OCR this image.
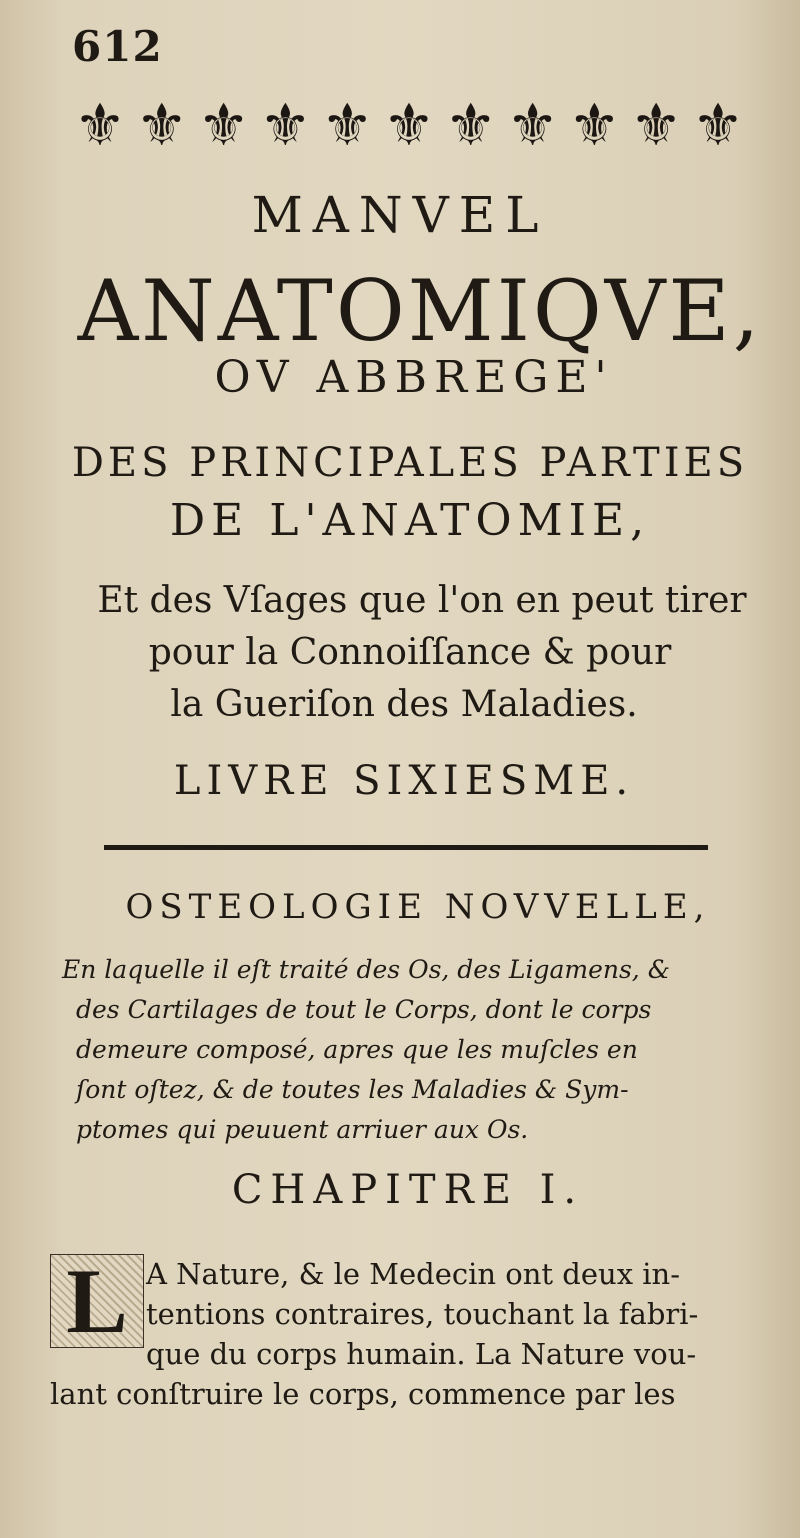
612
⚜ ⚜ ⚜ ⚜ ⚜ ⚜ ⚜ ⚜ ⚜ ⚜ ⚜
MANVEL
ANATOMIQVE,
OV ABBREGE'
DES PRINCIPALES PARTIES
DE L'ANATOMIE,
Et des Vſages que l'on en peut tirer
pour la Connoiſſance & pour
la Gueriſon des Maladies.
LIVRE SIXIESME.
OSTEOLOGIE NOVVELLE,
En laquelle il eſt traité des Os, des Ligamens, &
des Cartilages de tout le Corps, dont le corps
demeure composé, apres que les muſcles en
ſont oſtez, & de toutes les Maladies & Sym-
ptomes qui peuuent arriuer aux Os.
CHAPITRE I.
L A Nature, & le Medecin ont deux in-
tentions contraires, touchant la fabri-
que du corps humain. La Nature vou-
lant conſtruire le corps, commence par les
